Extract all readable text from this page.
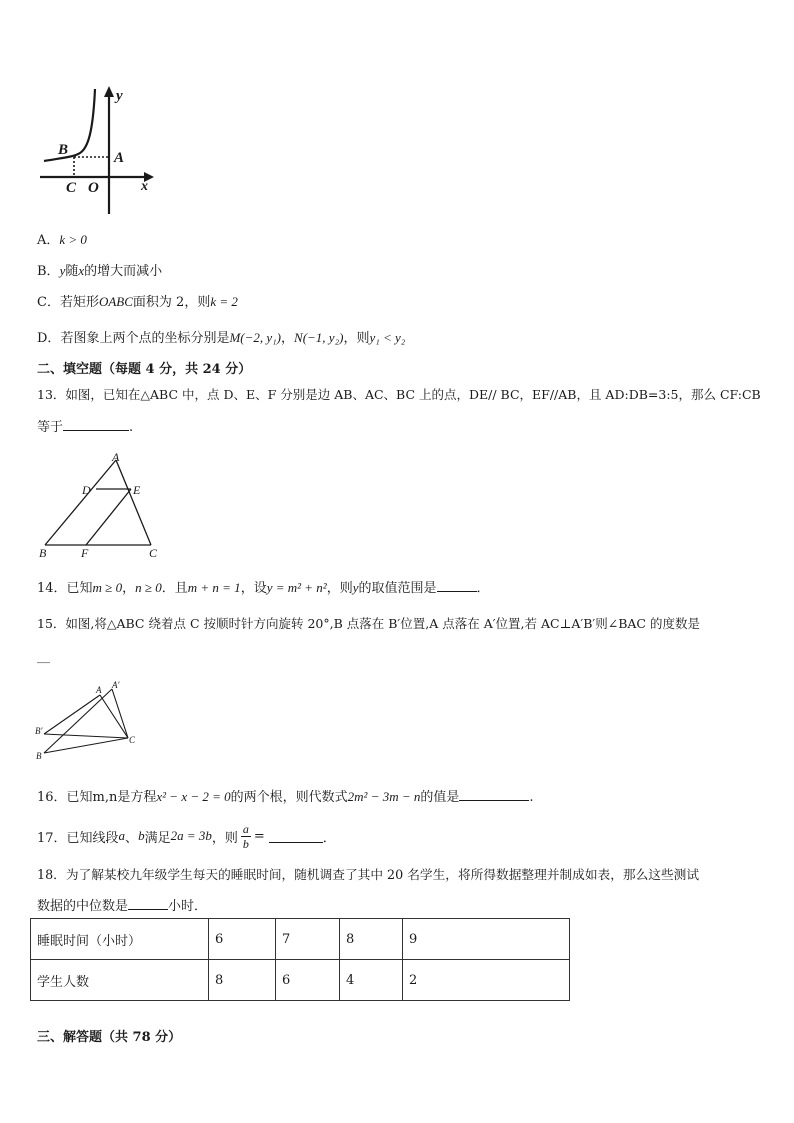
y
x
B	A
C O
A．k > 0
B．y随x的增大而减小
C．若矩形OABC面积为 2，则k = 2
D．若图象上两个点的坐标分别是M(−2, y₁)，N(−1, y₂)，则y₁ < y₂
二、填空题（每题 4 分，共 24 分）
13．如图，已知在△ABC 中，点 D、E、F 分别是边 AB、AC、BC 上的点，DE// BC，EF//AB，且 AD:DB=3:5，那么 CF:CB
等于	.
A
D	E
B	F	C
14．已知m ≥ 0，n ≥ 0．且m + n = 1，设y = m² + n²，则y的取值范围是	．
15．如图,将△ABC 绕着点 C 按顺时针方向旋转 20°,B 点落在 B′位置,A 点落在 A′位置,若 AC⊥A′B′则∠BAC 的度数是
__
A A′
B′
B
C
16．已知m,n是方程x² − x − 2 = 0的两个根，则代数式2m² − 3m − n的值是	.
17．已知线段 a 、 b 满足 2a = 3b ，则 $\frac{a}{b}$ =	．
18．为了解某校九年级学生每天的睡眠时间，随机调查了其中 20 名学生，将所得数据整理并制成如表，那么这些测试
数据的中位数是	小时．
睡眠时间（小时）	6	7	8	9
学生人数	8	6	4	2
三、解答题（共 78 分）
